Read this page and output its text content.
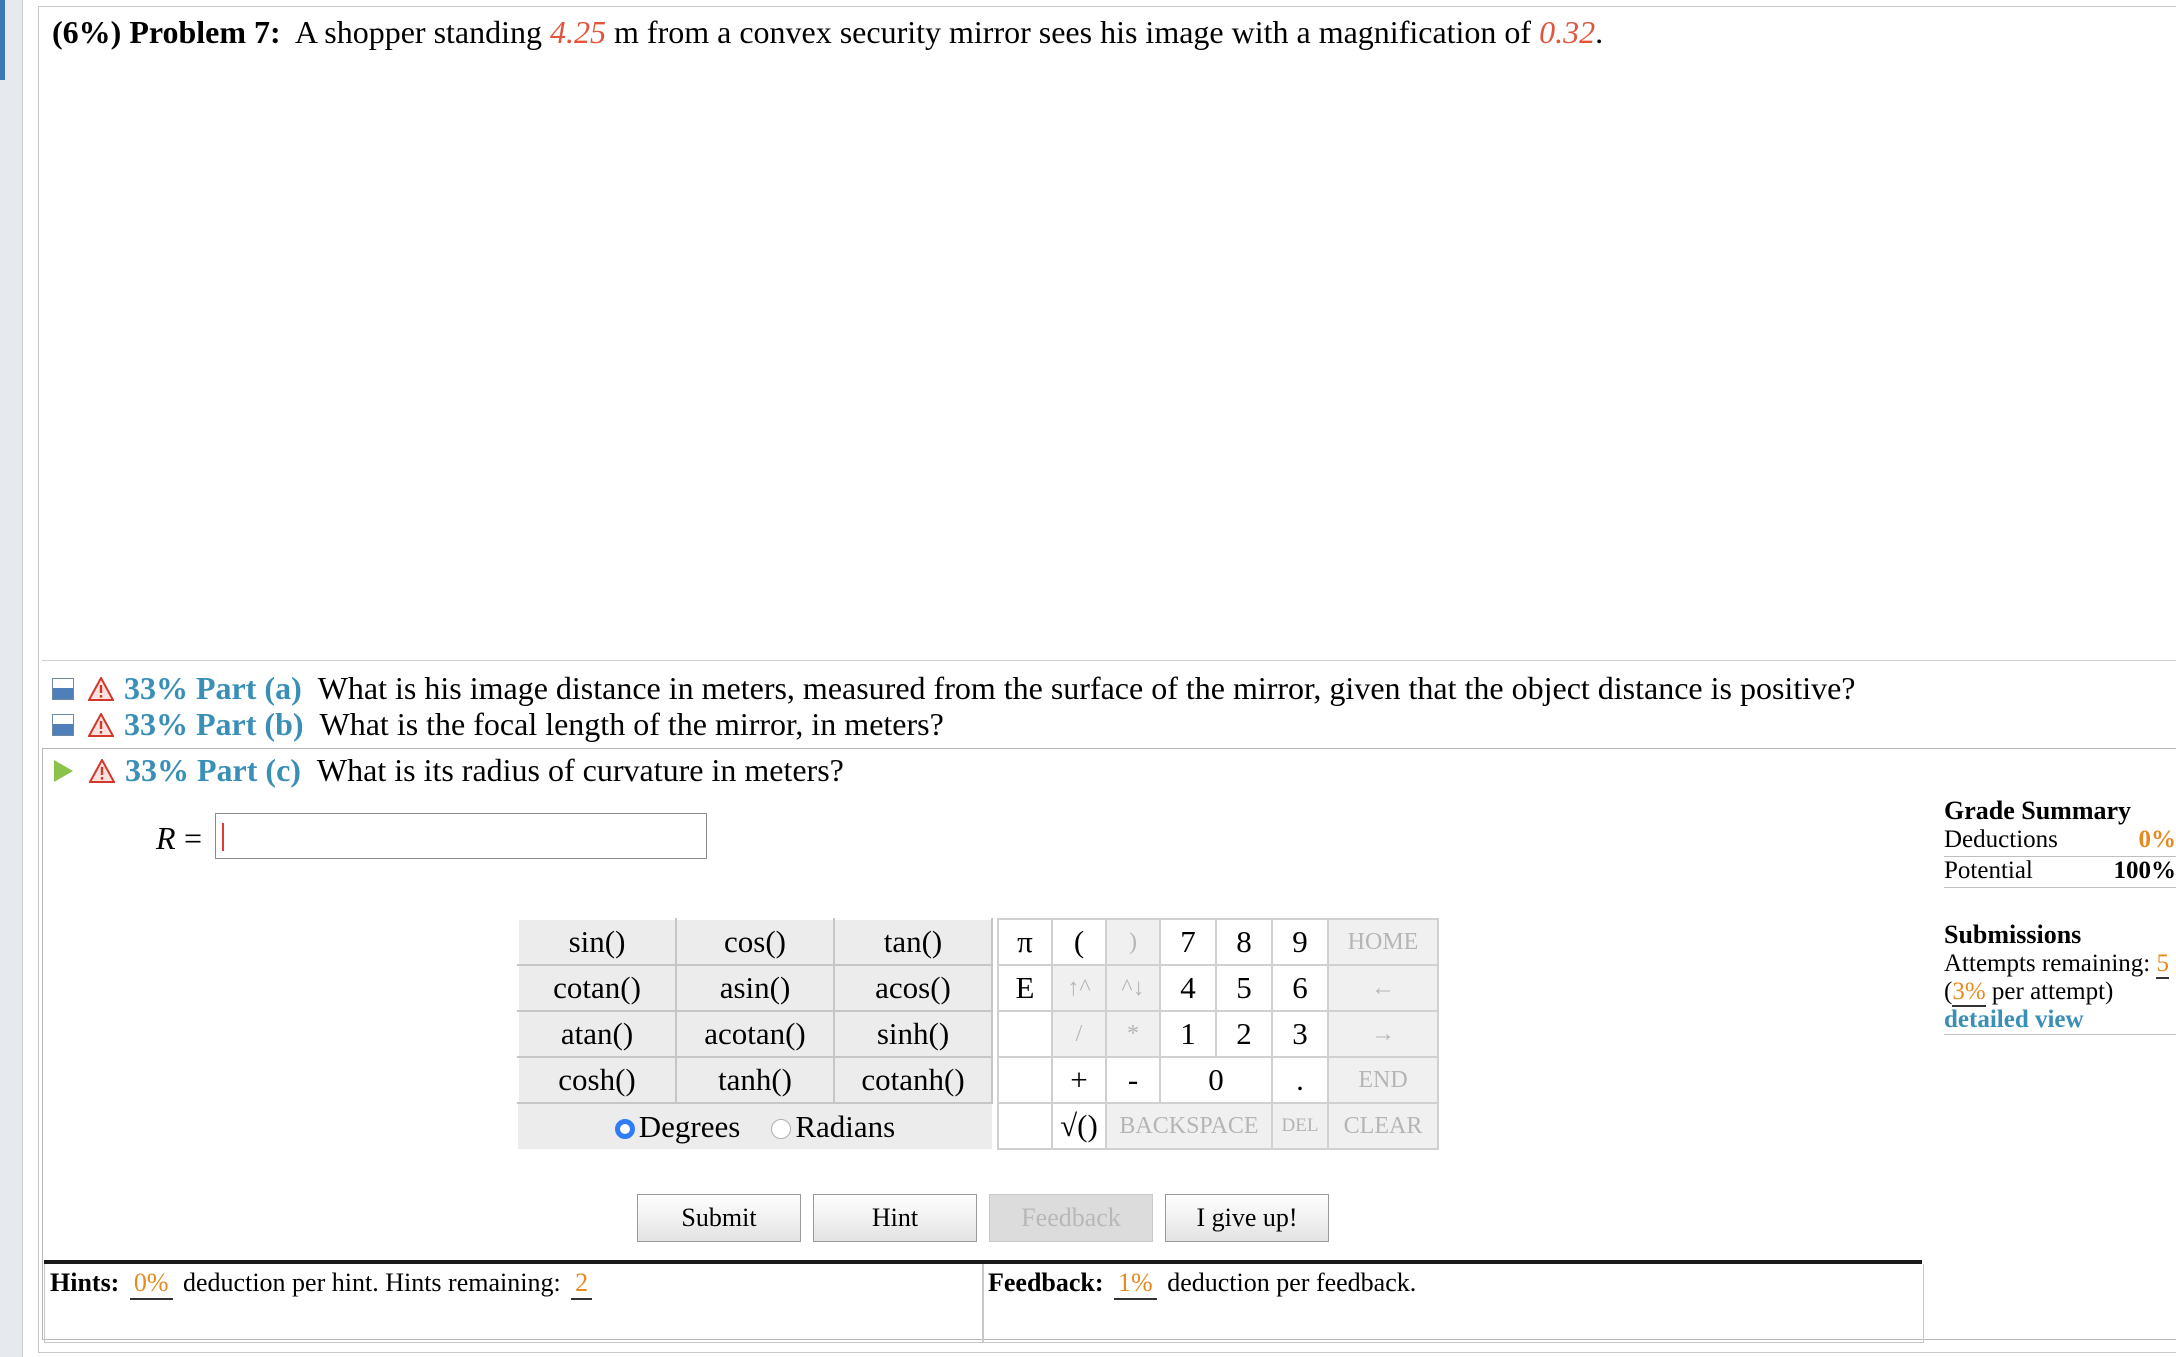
(6%) Problem 7: A shopper standing 4.25 m from a convex security mirror sees his image with a magnification of 0.32.
33%
Part (a)
What is his image distance in meters, measured from the surface of the mirror, given that the object distance is positive?
33%
Part (b)
What is the focal length of the mirror, in meters?
33%
Part (c)
What is its radius of curvature in meters?
R =
sin()	cos()	tan()		π	(	)	7	8	9	HOME
cotan()	asin()	acos()		E	↑^	^↓	4	5	6	←
atan()	acotan()	sinh()			/	*	1	2	3	→
cosh()	tanh()	cotanh()			+	-	0		.	END
Degrees Radians					√()	BACKSPACE			DEL	CLEAR
Submit	Hint	Feedback	I give up!
Hints: 0% deduction per hint. Hints remaining: 2	Feedback: 1% deduction per feedback.
Grade Summary
Deductions	0%
Potential	100%
Submissions
Attempts remaining: 5
(3% per attempt)
detailed view
